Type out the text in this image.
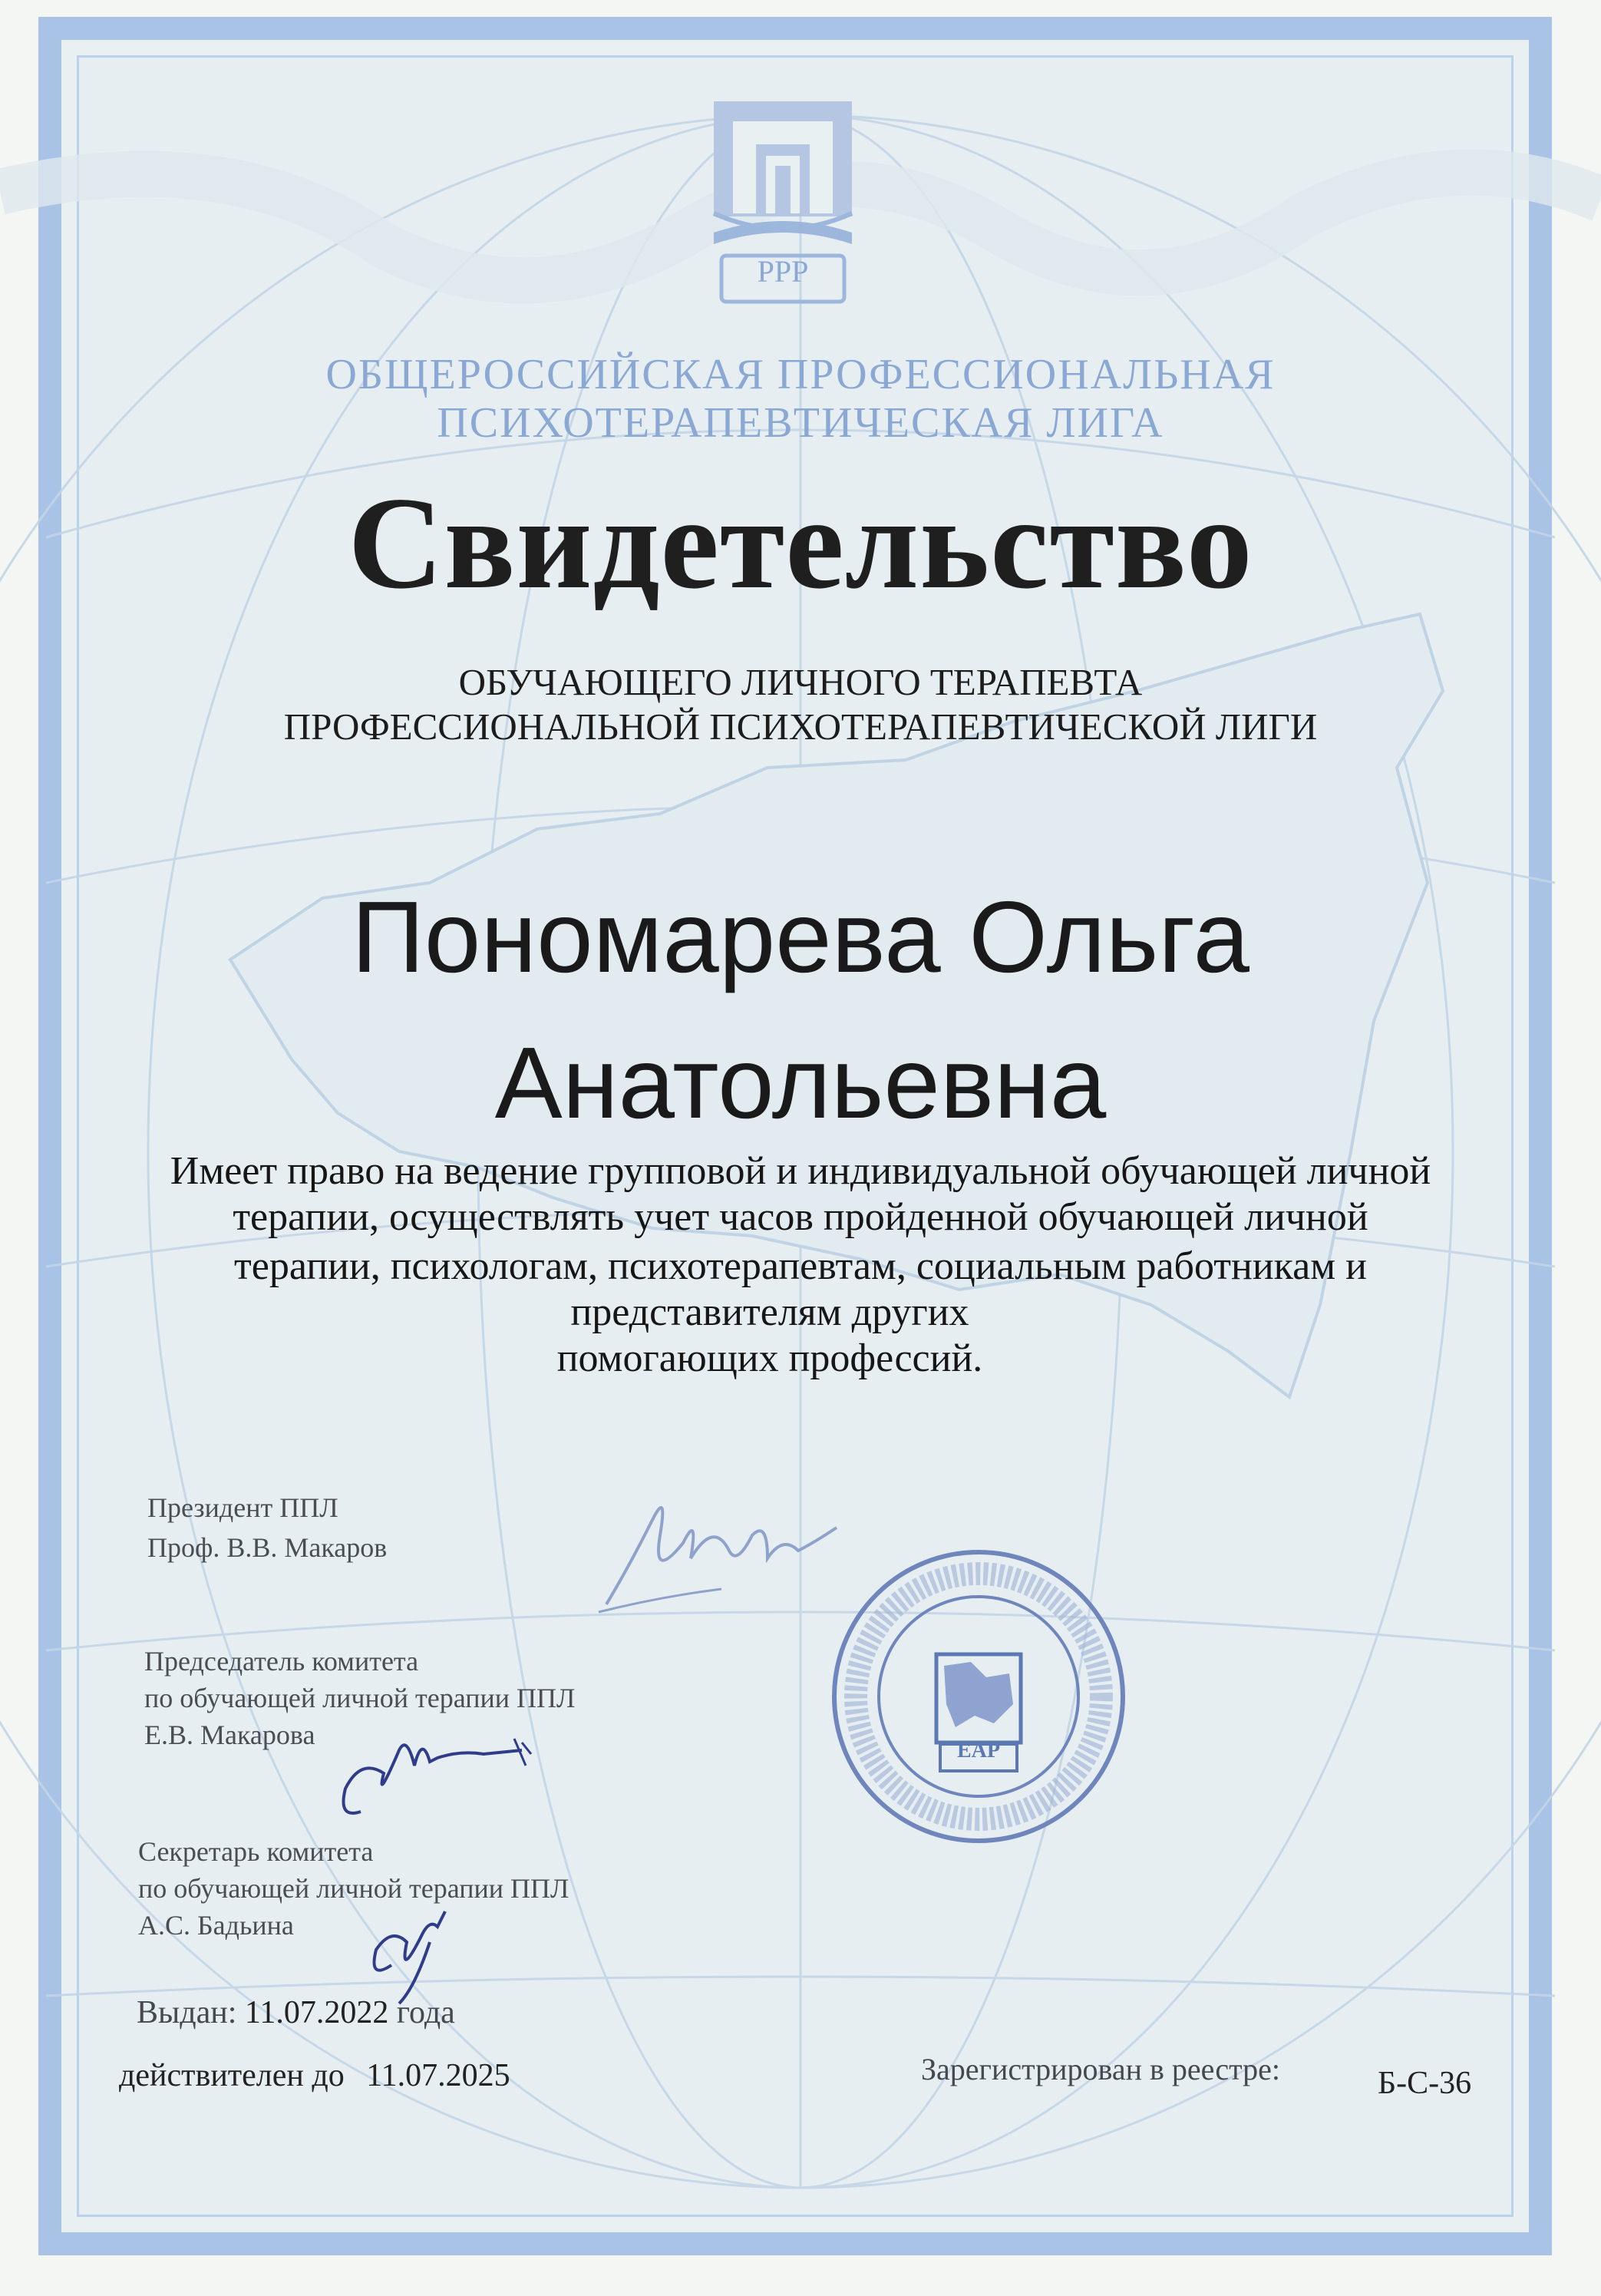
PPP
ОБЩЕРОССИЙСКАЯ ПРОФЕССИОНАЛЬНАЯ
ПСИХОТЕРАПЕВТИЧЕСКАЯ ЛИГА
Свидетельство
ОБУЧАЮЩЕГО ЛИЧНОГО ТЕРАПЕВТА
ПРОФЕССИОНАЛЬНОЙ ПСИХОТЕРАПЕВТИЧЕСКОЙ ЛИГИ
Пономарева Ольга
Анатольевна
Имеет право на ведение групповой и индивидуальной обучающей личной
терапии, осуществлять учет часов пройденной обучающей личной
терапии, психологам, психотерапевтам, социальным работникам и
представителям других
помогающих профессий.
Президент ППЛ
Проф. В.В. Макаров
ЕАР
Председатель комитета
по обучающей личной терапии ППЛ
Е.В. Макарова
Секретарь комитета
по обучающей личной терапии ППЛ
А.С. Бадьина
Выдан: 11.07.2022 года
действителен до 11.07.2025	Зарегистрирован в реестре:	Б-С-36
